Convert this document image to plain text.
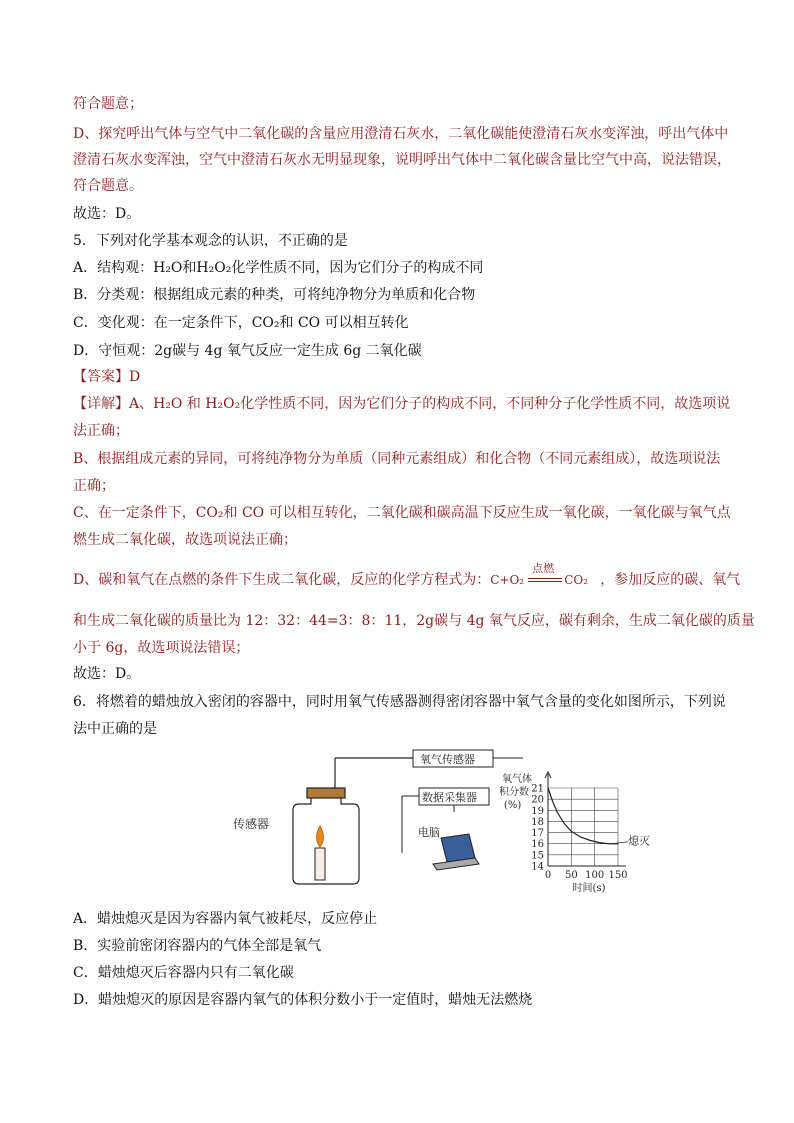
符合题意；
D、探究呼出气体与空气中二氧化碳的含量应用澄清石灰水，二氧化碳能使澄清石灰水变浑浊，呼出气体中
澄清石灰水变浑浊，空气中澄清石灰水无明显现象，说明呼出气体中二氧化碳含量比空气中高，说法错误，
符合题意。
故选：D。
5．下列对化学基本观念的认识，不正确的是
A．结构观：H₂O和H₂O₂化学性质不同，因为它们分子的构成不同
B．分类观：根据组成元素的种类，可将纯净物分为单质和化合物
C．变化观：在一定条件下，CO₂和 CO 可以相互转化
D．守恒观：2g碳与 4g 氧气反应一定生成 6g 二氧化碳
【答案】D
【详解】A、H₂O 和 H₂O₂化学性质不同，因为它们分子的构成不同，不同种分子化学性质不同，故选项说
法正确；
B、根据组成元素的异同，可将纯净物分为单质（同种元素组成）和化合物（不同元素组成），故选项说法
正确；
C、在一定条件下，CO₂和 CO 可以相互转化，二氧化碳和碳高温下反应生成一氧化碳，一氧化碳与氧气点
燃生成二氧化碳，故选项说法正确；
D、碳和氧气在点燃的条件下生成二氧化碳，反应的化学方程式为： C+O₂
点燃
CO₂ ，参加反应的碳、氧气
和生成二氧化碳的质量比为 12：32：44=3：8：11，2g碳与 4g 氧气反应，碳有剩余，生成二氧化碳的质量
小于 6g，故选项说法错误；
故选：D。
6．将燃着的蜡烛放入密闭的容器中，同时用氧气传感器测得密闭容器中氧气含量的变化如图所示，下列说
法中正确的是
传感器
氧气传感器
数据采集器
电脑
氧气体
积分数
(%)
14
15
16
17
18
19
20
21
0 50 100 150
熄灭
时间(s)
A．蜡烛熄灭是因为容器内氧气被耗尽，反应停止
B．实验前密闭容器内的气体全部是氧气
C．蜡烛熄灭后容器内只有二氧化碳
D．蜡烛熄灭的原因是容器内氧气的体积分数小于一定值时，蜡烛无法燃烧
